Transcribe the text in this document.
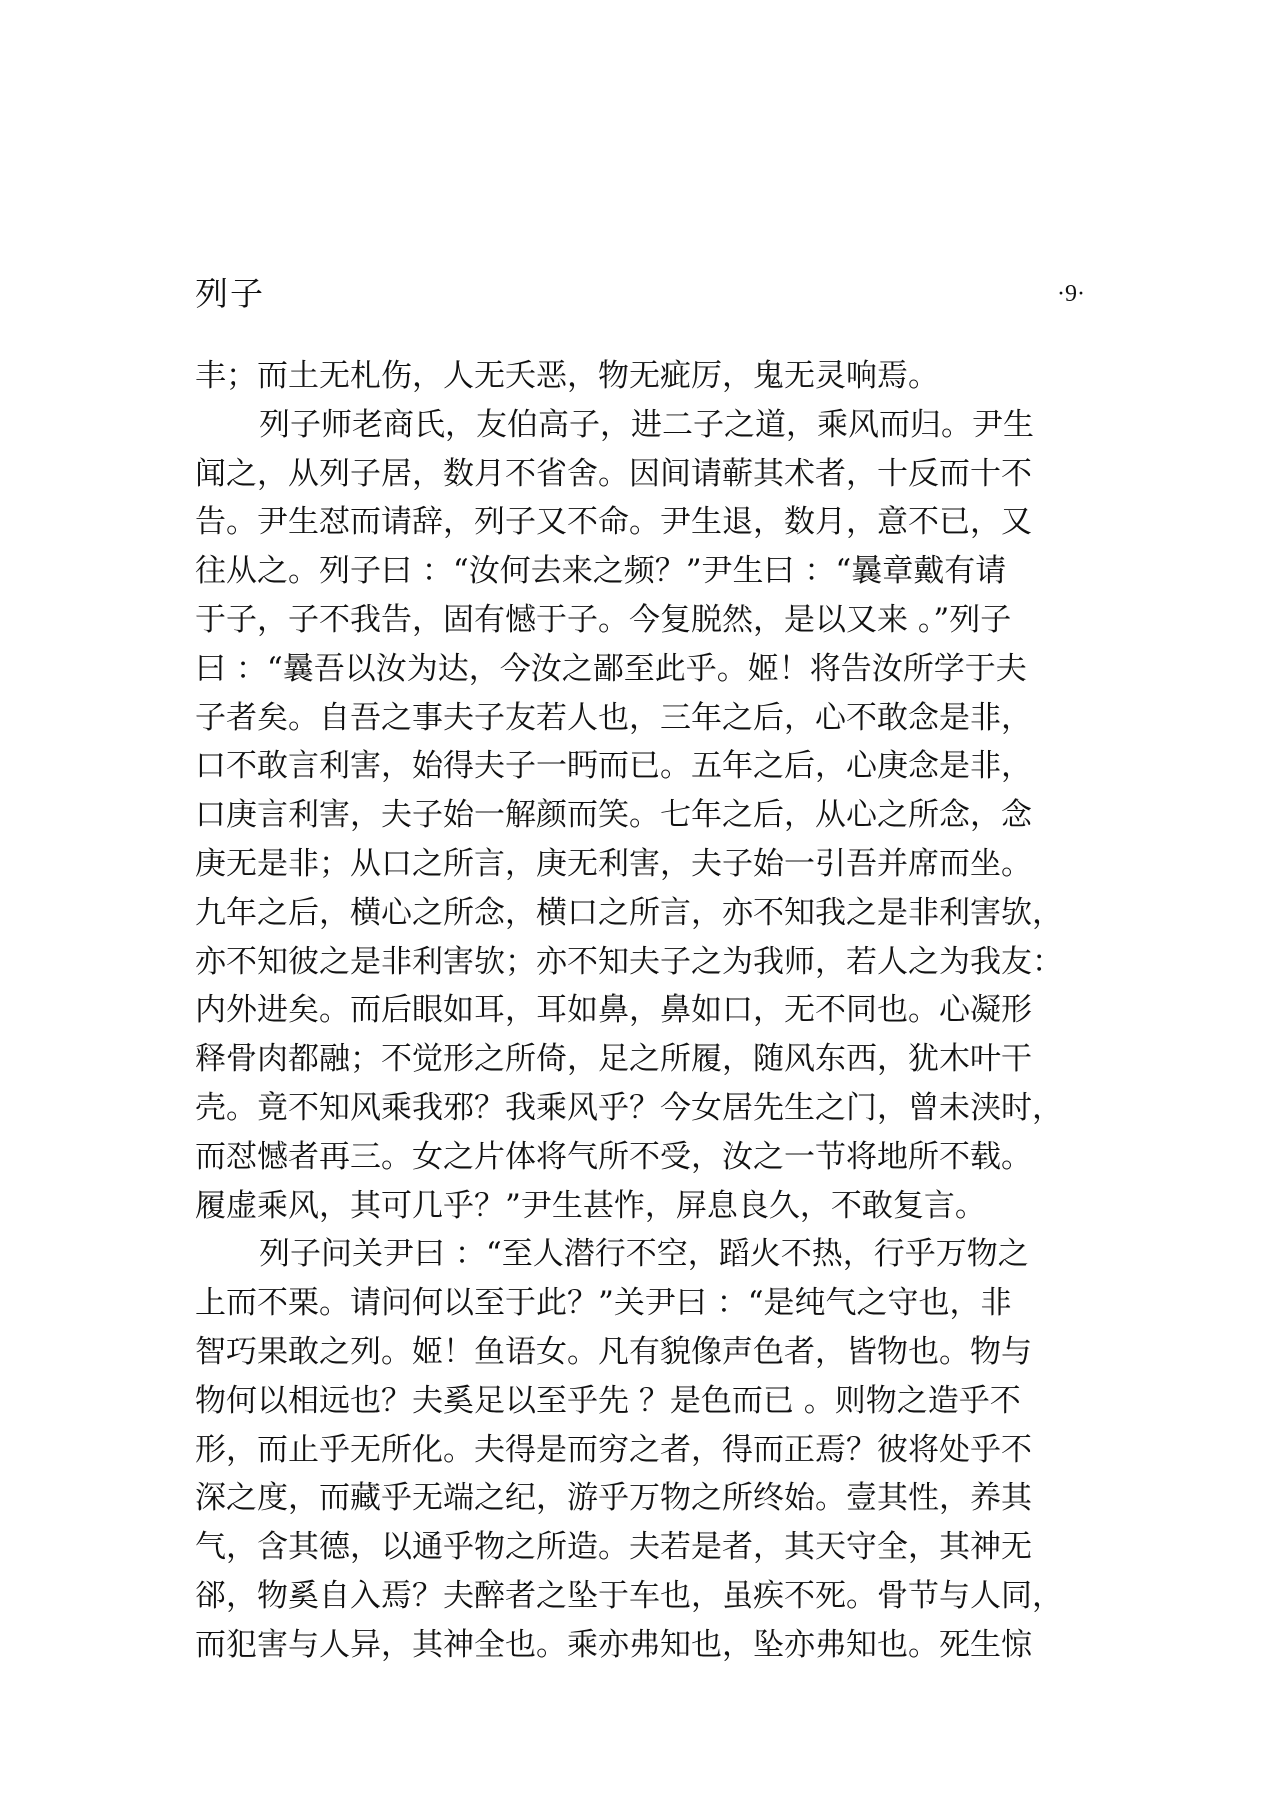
列子	·9·
丰；而土无札伤，人无夭恶，物无疵厉，鬼无灵响焉。
列子师老商氏，友伯高子，进二子之道，乘风而归。尹生
闻之，从列子居，数月不省舍。因间请蕲其术者，十反而十不
告。尹生怼而请辞，列子又不命。尹生退，数月，意不已，又
往从之。列子曰 ：“汝何去来之频？”尹生曰 ：“曩章戴有请
于子，子不我告，固有憾于子。今复脱然，是以又来 。”列子
曰 ：“曩吾以汝为达，今汝之鄙至此乎。姬！将告汝所学于夫
子者矣。自吾之事夫子友若人也，三年之后，心不敢念是非，
口不敢言利害，始得夫子一眄而已。五年之后，心庚念是非，
口庚言利害，夫子始一解颜而笑。七年之后，从心之所念，念
庚无是非；从口之所言，庚无利害，夫子始一引吾并席而坐。
九年之后，横心之所念，横口之所言，亦不知我之是非利害欤，
亦不知彼之是非利害欤；亦不知夫子之为我师，若人之为我友：
内外进矣。而后眼如耳，耳如鼻，鼻如口，无不同也。心凝形
释骨肉都融；不觉形之所倚，足之所履，随风东西，犹木叶干
壳。竟不知风乘我邪？我乘风乎？今女居先生之门，曾未浃时，
而怼憾者再三。女之片体将气所不受，汝之一节将地所不载。
履虚乘风，其可几乎？”尹生甚怍，屏息良久，不敢复言。
列子问关尹曰 ：“至人潜行不空，蹈火不热，行乎万物之
上而不栗。请问何以至于此？”关尹曰 ：“是纯气之守也，非
智巧果敢之列。姬！鱼语女。凡有貌像声色者，皆物也。物与
物何以相远也？夫奚足以至乎先 ？是色而已 。则物之造乎不
形，而止乎无所化。夫得是而穷之者，得而正焉？彼将处乎不
深之度，而藏乎无端之纪，游乎万物之所终始。壹其性，养其
气，含其德，以通乎物之所造。夫若是者，其天守全，其神无
郤，物奚自入焉？夫醉者之坠于车也，虽疾不死。骨节与人同，
而犯害与人异，其神全也。乘亦弗知也，坠亦弗知也。死生惊
